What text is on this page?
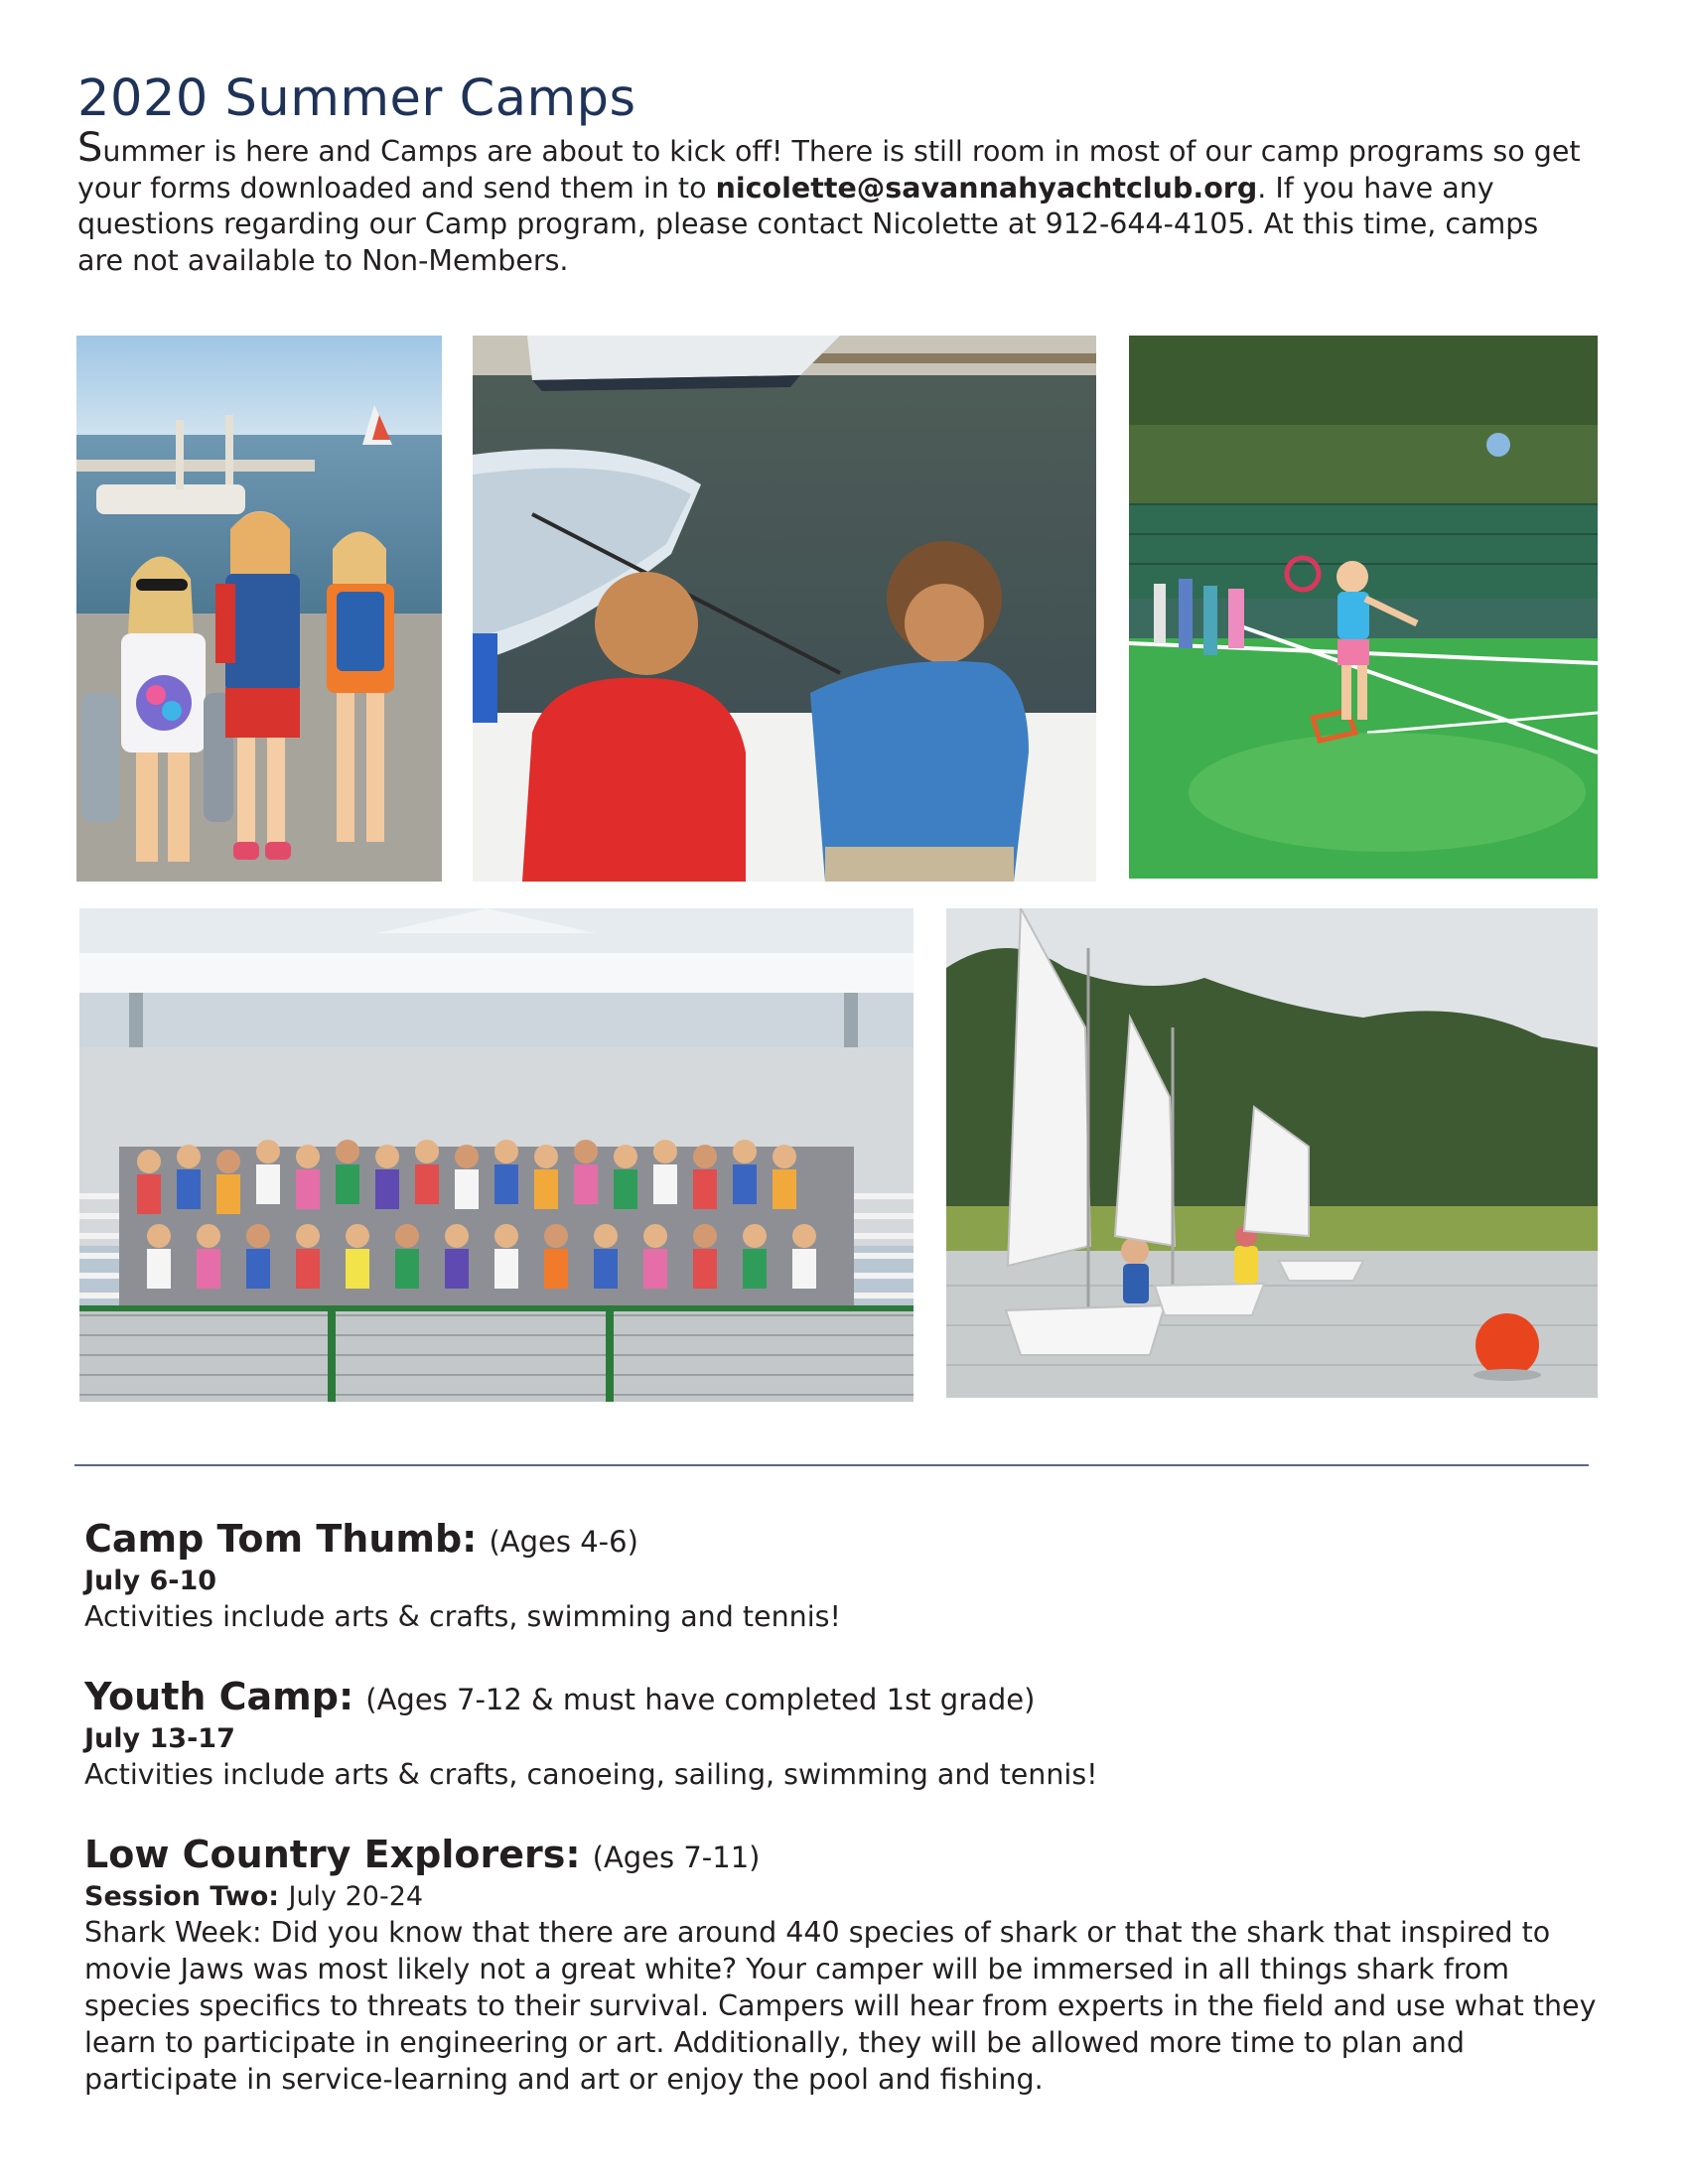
2020 Summer Camps

Summer is here and Camps are about to kick off! There is still room in most of our camp programs so get your forms downloaded and send them in to nicolette@savannahyachtclub.org. If you have any questions regarding our Camp program, please contact Nicolette at 912-644-4105. At this time, camps are not available to Non-Members.

Camp Tom Thumb: (Ages 4-6)

July 6-10

Activities include arts & crafts, swimming and tennis!

Youth Camp: (Ages 7-12 & must have completed 1st grade)

July 13-17

Activities include arts & crafts, canoeing, sailing, swimming and tennis!

Low Country Explorers: (Ages 7-11)

Session Two: July 20-24

Shark Week: Did you know that there are around 440 species of shark or that the shark that inspired to movie Jaws was most likely not a great white? Your camper will be immersed in all things shark from species specifics to threats to their survival. Campers will hear from experts in the field and use what they learn to participate in engineering or art. Additionally, they will be allowed more time to plan and participate in service-learning and art or enjoy the pool and fishing.
